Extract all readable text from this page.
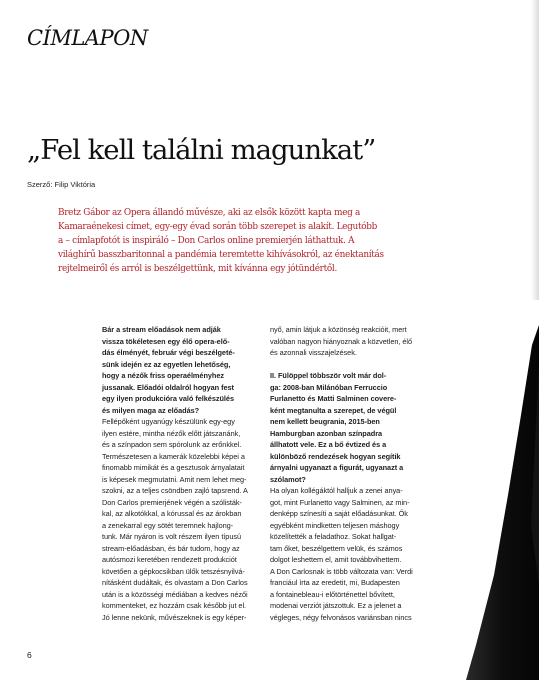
CÍMLAPON
„Fel kell találni magunkat”
Szerző: Filip Viktória

Bretz Gábor az Opera állandó művésze, aki az elsők között kapta meg a

Kamaraénekesi címet, egy-egy évad során több szerepet is alakít. Legutóbb

a – címlapfotót is inspiráló – Don Carlos online premierjén láthattuk. A

világhírű basszbaritonnal a pandémia teremtette kihívásokról, az énektanítás

rejtelmeiről és arról is beszélgettünk, mit kívánna egy jótündértől.

Bár a stream előadások nem adják

vissza tökéletesen egy élő opera-elő-

dás élményét, február végi beszélgeté-

sünk idején ez az egyetlen lehetőség,

hogy a nézők friss operaélményhez

jussanak. Előadói oldalról hogyan fest

egy ilyen produkcióra való felkészülés

és milyen maga az előadás?

Fellépőként ugyanúgy készülünk egy-egy

ilyen estére, mintha nézők előtt játszanánk,

és a színpadon sem spórolunk az erőnkkel.

Természetesen a kamerák közelebbi képei a

finomabb mimikát és a gesztusok árnyalatait

is képesek megmutatni. Amit nem lehet meg-

szokni, az a teljes csöndben zajló tapsrend. A

Don Carlos premierjének végén a szólisták-

kal, az alkotókkal, a kórussal és az árokban

a zenekarral egy sötét teremnek hajlong-

tunk. Már nyáron is volt részem ilyen típusú

stream-előadásban, és bár tudom, hogy az

autósmozi keretében rendezett produkciót

követően a gépkocsikban ülők tetszésnyilvá-

nításként dudáltak, és olvastam a Don Carlos

után is a közösségi médiában a kedves nézői

kommenteket, ez hozzám csak később jut el.

Jó lenne nekünk, művészeknek is egy képer-

nyő, amin látjuk a közönség reakcióit, mert

valóban nagyon hiányoznak a közvetlen, élő

és azonnali visszajelzések.

II. Fülöppel többször volt már dol-

ga: 2008-ban Milánóban Ferruccio

Furlanetto és Matti Salminen covere-

ként megtanulta a szerepet, de végül

nem kellett beugrania, 2015-ben

Hamburgban azonban színpadra

állhatott vele. Ez a bő évtized és a

különböző rendezések hogyan segítik

árnyalni ugyanazt a figurát, ugyanazt a

szólamot?

Ha olyan kollégáktól halljuk a zenei anya-

got, mint Furlanetto vagy Salminen, az min-

denképp színesíti a saját előadásunkat. Ők

egyébként mindketten teljesen máshogy

közelítették a feladathoz. Sokat hallgat-

tam őket, beszélgettem velük, és számos

dolgot leshettem el, amit továbbvihettem.

A Don Carlosnak is több változata van: Verdi

franciául írta az eredetit, mi, Budapesten

a fontainebleau-i előtörténettel bővített,

modenai verziót játszottuk. Ez a jelenet a

végleges, négy felvonásos variánsban nincs

6
